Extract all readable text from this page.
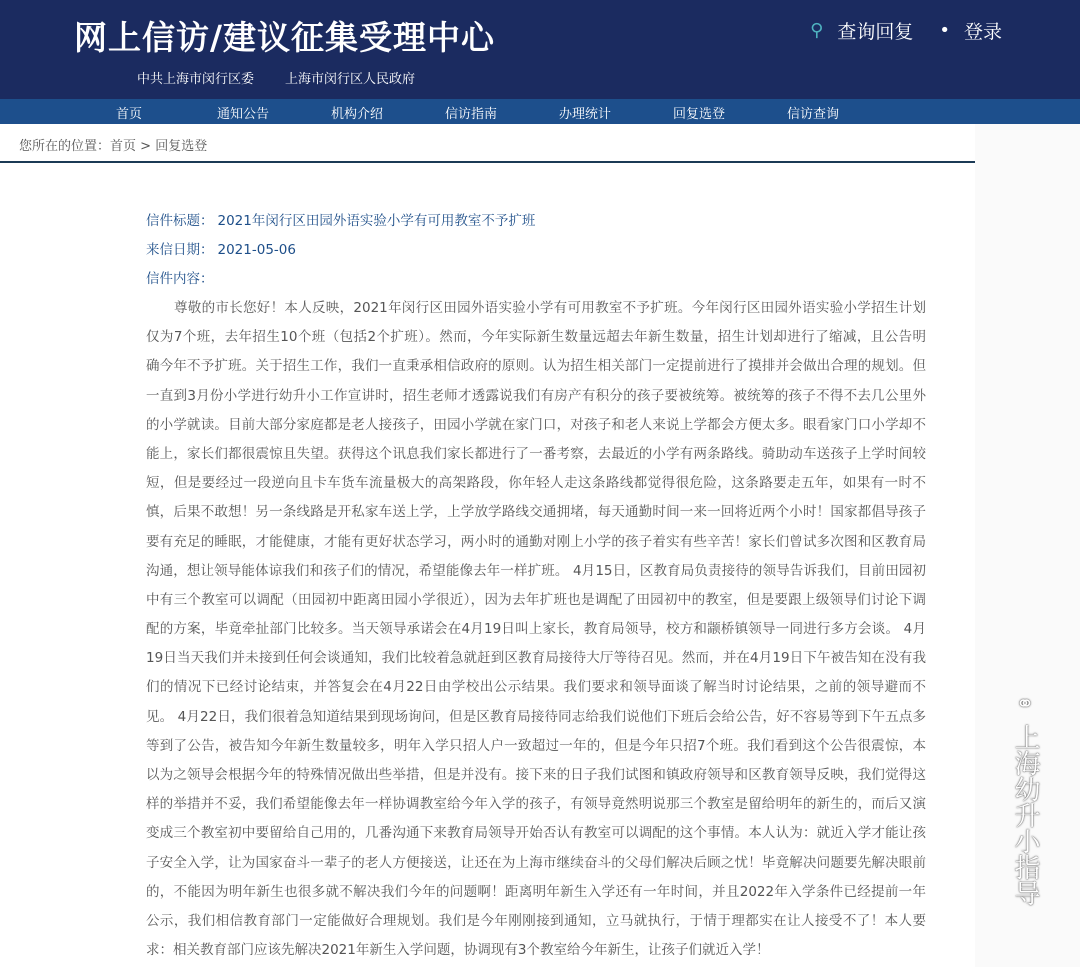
网上信访/建议征集受理中心
中共上海市闵行区委 上海市闵行区人民政府
⚲ 查询回复 • 登录
首页	通知公告	机构介绍	信访指南	办理统计	回复选登	信访查询
您所在的位置：首页 > 回复选登
信件标题： 2021年闵行区田园外语实验小学有可用教室不予扩班
来信日期： 2021-05-06
信件内容：
尊敬的市长您好！本人反映，2021年闵行区田园外语实验小学有可用教室不予扩班。今年闵行区田园外语实验小学招生计划
仅为7个班，去年招生10个班（包括2个扩班）。然而，今年实际新生数量远超去年新生数量，招生计划却进行了缩减，且公告明
确今年不予扩班。关于招生工作，我们一直秉承相信政府的原则。认为招生相关部门一定提前进行了摸排并会做出合理的规划。但
一直到3月份小学进行幼升小工作宣讲时，招生老师才透露说我们有房产有积分的孩子要被统筹。被统筹的孩子不得不去几公里外
的小学就读。目前大部分家庭都是老人接孩子，田园小学就在家门口，对孩子和老人来说上学都会方便太多。眼看家门口小学却不
能上，家长们都很震惊且失望。获得这个讯息我们家长都进行了一番考察，去最近的小学有两条路线。骑助动车送孩子上学时间较
短，但是要经过一段逆向且卡车货车流量极大的高架路段，你年轻人走这条路线都觉得很危险，这条路要走五年，如果有一时不
慎，后果不敢想！另一条线路是开私家车送上学，上学放学路线交通拥堵，每天通勤时间一来一回将近两个小时！国家都倡导孩子
要有充足的睡眠，才能健康，才能有更好状态学习，两小时的通勤对刚上小学的孩子着实有些辛苦！家长们曾试多次图和区教育局
沟通，想让领导能体谅我们和孩子们的情况，希望能像去年一样扩班。 4月15日，区教育局负责接待的领导告诉我们，目前田园初
中有三个教室可以调配（田园初中距离田园小学很近），因为去年扩班也是调配了田园初中的教室，但是要跟上级领导们讨论下调
配的方案，毕竟牵扯部门比较多。当天领导承诺会在4月19日叫上家长，教育局领导，校方和颛桥镇领导一同进行多方会谈。 4月
19日当天我们并未接到任何会谈通知，我们比较着急就赶到区教育局接待大厅等待召见。然而，并在4月19日下午被告知在没有我
们的情况下已经讨论结束，并答复会在4月22日由学校出公示结果。我们要求和领导面谈了解当时讨论结果，之前的领导避而不
见。 4月22日，我们很着急知道结果到现场询问，但是区教育局接待同志给我们说他们下班后会给公告，好不容易等到下午五点多
等到了公告，被告知今年新生数量较多，明年入学只招人户一致超过一年的，但是今年只招7个班。我们看到这个公告很震惊，本
以为之领导会根据今年的特殊情况做出些举措，但是并没有。接下来的日子我们试图和镇政府领导和区教育领导反映，我们觉得这
样的举措并不妥，我们希望能像去年一样协调教室给今年入学的孩子，有领导竟然明说那三个教室是留给明年的新生的，而后又演
变成三个教室初中要留给自己用的，几番沟通下来教育局领导开始否认有教室可以调配的这个事情。本人认为：就近入学才能让孩
子安全入学，让为国家奋斗一辈子的老人方便接送，让还在为上海市继续奋斗的父母们解决后顾之忧！毕竟解决问题要先解决眼前
的，不能因为明年新生也很多就不解决我们今年的问题啊！距离明年新生入学还有一年时间，并且2022年入学条件已经提前一年
公示，我们相信教育部门一定能做好合理规划。我们是今年刚刚接到通知，立马就执行，于情于理都实在让人接受不了！本人要
求：相关教育部门应该先解决2021年新生入学问题，协调现有3个教室给今年新生，让孩子们就近入学！
⚭
上海幼升小指导
